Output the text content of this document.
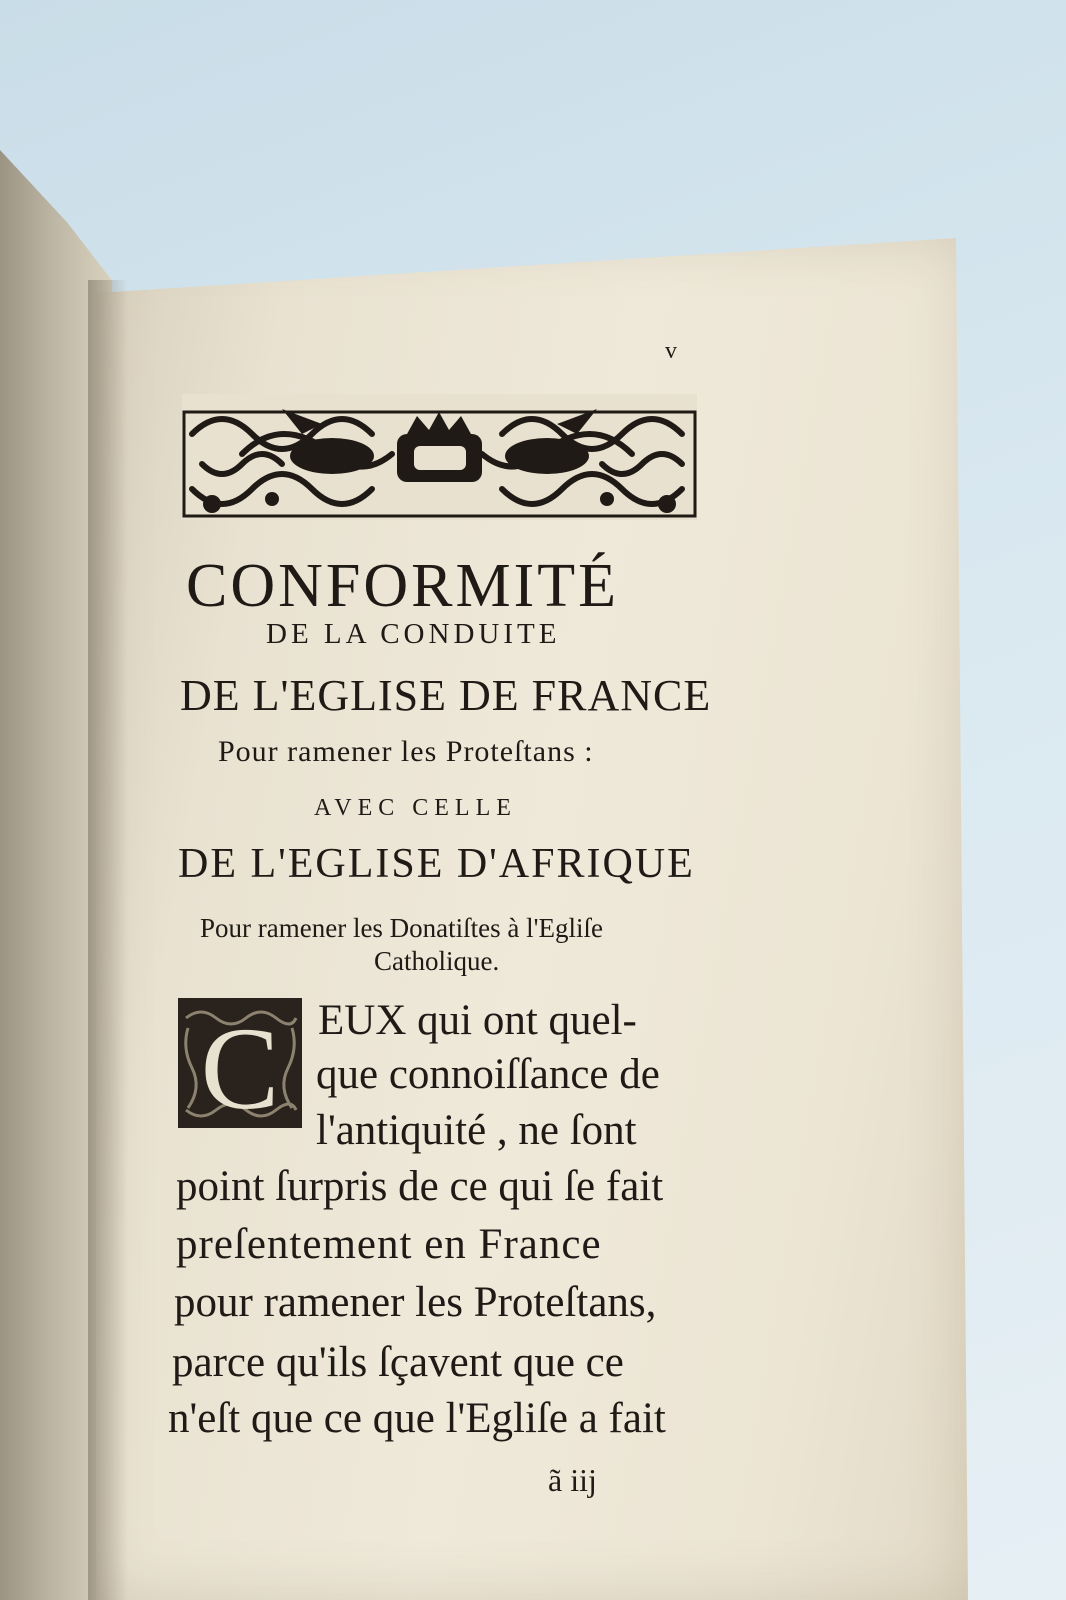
v
CONFORMITÉ
DE LA CONDUITE
DE L'EGLISE DE FRANCE
Pour ramener les Proteſtans :
AVEC CELLE
DE L'EGLISE D'AFRIQUE
Pour ramener les Donatiſtes à l'Egliſe
Catholique.
C EUX qui ont quel-
que connoiſſance de
l'antiquité , ne ſont
point ſurpris de ce qui ſe fait
preſentement en France
pour ramener les Proteſtans,
parce qu'ils ſçavent que ce
n'eſt que ce que l'Egliſe a fait
ã iij
